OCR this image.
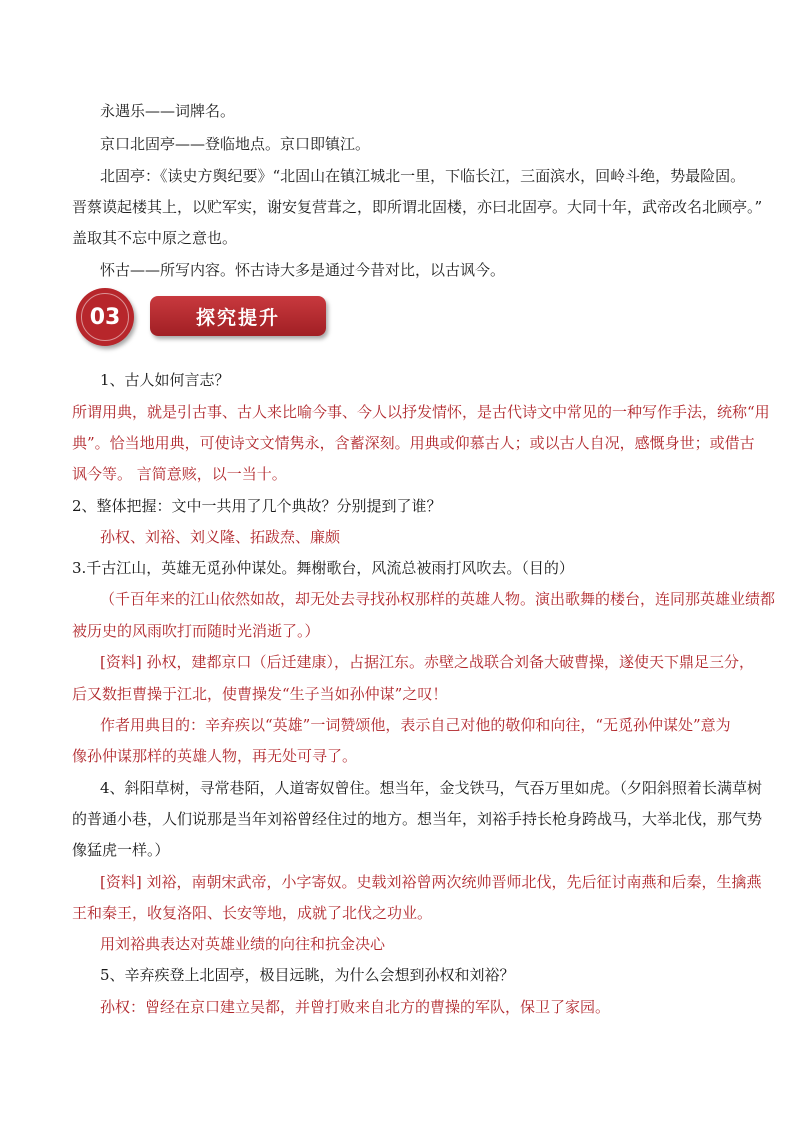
永遇乐——词牌名。
京口北固亭——登临地点。京口即镇江。
北固亭：《读史方舆纪要》“北固山在镇江城北一里，下临长江，三面滨水，回岭斗绝，势最险固。
晋蔡谟起楼其上，以贮军实，谢安复营葺之，即所谓北固楼，亦曰北固亭。大同十年，武帝改名北顾亭。”
盖取其不忘中原之意也。
怀古——所写内容。怀古诗大多是通过今昔对比，以古讽今。
03	探究提升
1、古人如何言志？
所谓用典，就是引古事、古人来比喻今事、今人以抒发情怀，是古代诗文中常见的一种写作手法，统称“用
典”。恰当地用典，可使诗文文情隽永，含蓄深刻。用典或仰慕古人；或以古人自况，感慨身世；或借古
讽今等。 言简意赅，以一当十。
2、整体把握：文中一共用了几个典故？分别提到了谁？
孙权、刘裕、刘义隆、拓跋焘、廉颇
3.千古江山，英雄无觅孙仲谋处。舞榭歌台，风流总被雨打风吹去。（目的）
（千百年来的江山依然如故，却无处去寻找孙权那样的英雄人物。演出歌舞的楼台，连同那英雄业绩都
被历史的风雨吹打而随时光消逝了。）
[资料] 孙权，建都京口（后迁建康），占据江东。赤壁之战联合刘备大破曹操，遂使天下鼎足三分，
后又数拒曹操于江北，使曹操发“生子当如孙仲谋”之叹！
作者用典目的：辛弃疾以“英雄”一词赞颂他，表示自己对他的敬仰和向往，“无觅孙仲谋处”意为
像孙仲谋那样的英雄人物，再无处可寻了。
4、斜阳草树，寻常巷陌，人道寄奴曾住。想当年，金戈铁马，气吞万里如虎。（夕阳斜照着长满草树
的普通小巷，人们说那是当年刘裕曾经住过的地方。想当年，刘裕手持长枪身跨战马，大举北伐，那气势
像猛虎一样。）
[资料] 刘裕，南朝宋武帝，小字寄奴。史载刘裕曾两次统帅晋师北伐，先后征讨南燕和后秦，生擒燕
王和秦王，收复洛阳、长安等地，成就了北伐之功业。
用刘裕典表达对英雄业绩的向往和抗金决心
5、辛弃疾登上北固亭，极目远眺，为什么会想到孙权和刘裕？
孙权：曾经在京口建立吴都，并曾打败来自北方的曹操的军队，保卫了家园。
